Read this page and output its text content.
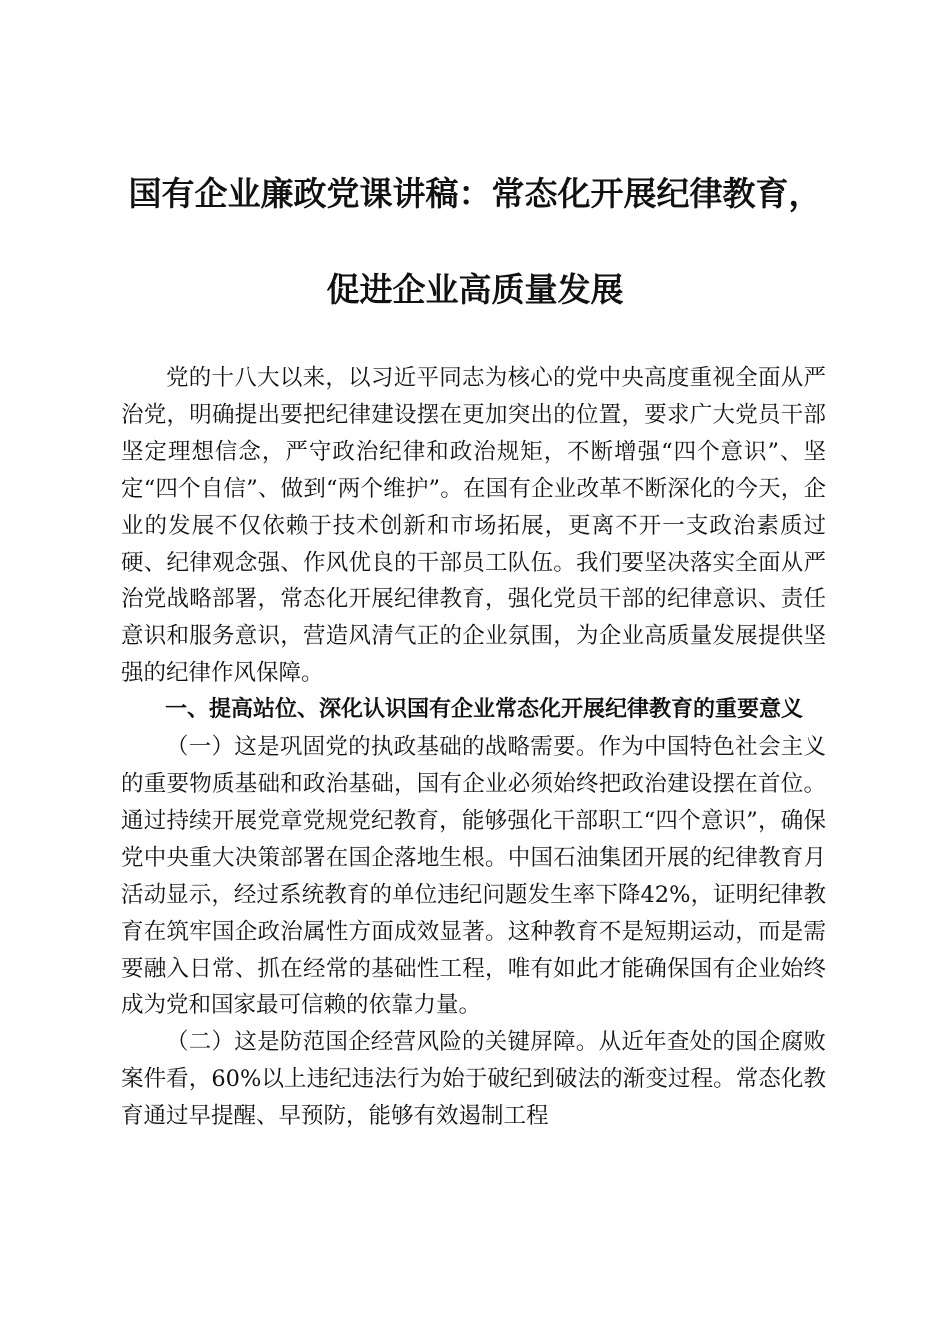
国有企业廉政党课讲稿：常态化开展纪律教育，
促进企业高质量发展

党的十八大以来，以习近平同志为核心的党中央高度重视全面从严治党，明确提出要把纪律建设摆在更加突出的位置，要求广大党员干部坚定理想信念，严守政治纪律和政治规矩，不断增强“四个意识”、坚定“四个自信”、做到“两个维护”。在国有企业改革不断深化的今天，企业的发展不仅依赖于技术创新和市场拓展，更离不开一支政治素质过硬、纪律观念强、作风优良的干部员工队伍。我们要坚决落实全面从严治党战略部署，常态化开展纪律教育，强化党员干部的纪律意识、责任意识和服务意识，营造风清气正的企业氛围，为企业高质量发展提供坚强的纪律作风保障。

一、提高站位、深化认识国有企业常态化开展纪律教育的重要意义

（一）这是巩固党的执政基础的战略需要。作为中国特色社会主义的重要物质基础和政治基础，国有企业必须始终把政治建设摆在首位。通过持续开展党章党规党纪教育，能够强化干部职工“四个意识”，确保党中央重大决策部署在国企落地生根。中国石油集团开展的纪律教育月活动显示，经过系统教育的单位违纪问题发生率下降42%，证明纪律教育在筑牢国企政治属性方面成效显著。这种教育不是短期运动，而是需要融入日常、抓在经常的基础性工程，唯有如此才能确保国有企业始终成为党和国家最可信赖的依靠力量。

（二）这是防范国企经营风险的关键屏障。从近年查处的国企腐败案件看，60%以上违纪违法行为始于破纪到破法的渐变过程。常态化教育通过早提醒、早预防，能够有效遏制工程
